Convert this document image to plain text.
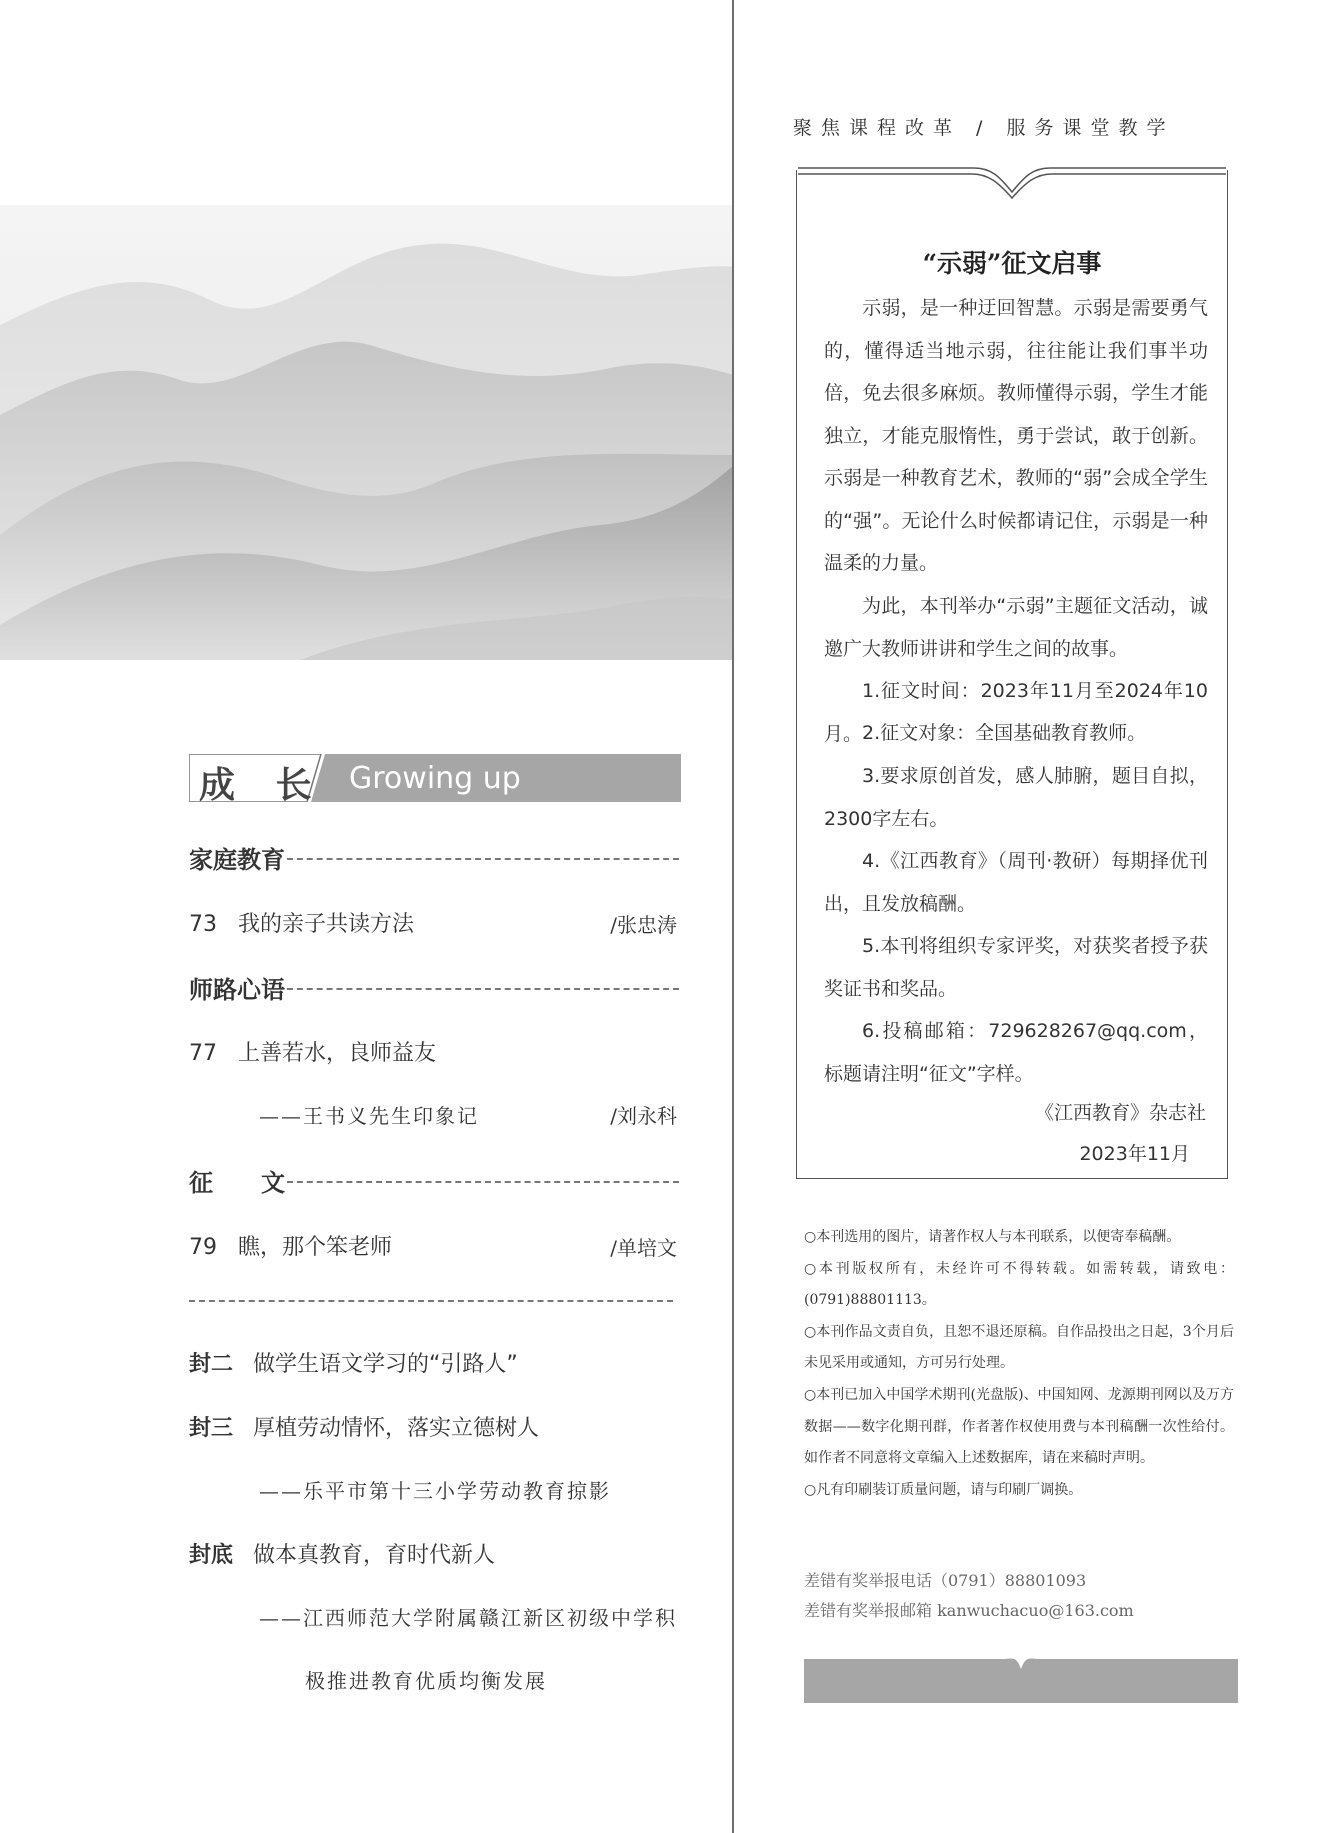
成 长 Growing up
家庭教育
73 我的亲子共读方法	/张忠涛
师路心语
77 上善若水，良师益友
——王书义先生印象记	/刘永科
征　　文
79 瞧，那个笨老师	/单培文
封二 做学生语文学习的“引路人”
封三 厚植劳动情怀，落实立德树人
——乐平市第十三小学劳动教育掠影
封底 做本真教育，育时代新人
——江西师范大学附属赣江新区初级中学积
极推进教育优质均衡发展
聚焦课程改革 / 服务课堂教学
“示弱”征文启事
示弱，是一种迂回智慧。示弱是需要勇气的，懂得适当地示弱，往往能让我们事半功倍，免去很多麻烦。教师懂得示弱，学生才能独立，才能克服惰性，勇于尝试，敢于创新。示弱是一种教育艺术，教师的“弱”会成全学生的“强”。无论什么时候都请记住，示弱是一种温柔的力量。
为此，本刊举办“示弱”主题征文活动，诚邀广大教师讲讲和学生之间的故事。
1.征文时间：2023年11月至2024年10月。 2.征文对象：全国基础教育教师。
3.要求原创首发，感人肺腑，题目自拟，2300字左右。
4.《江西教育》（周刊·教研）每期择优刊出，且发放稿酬。
5.本刊将组织专家评奖，对获奖者授予获奖证书和奖品。
6.投稿邮箱：729628267@qq.com，标题请注明“征文”字样。
《江西教育》杂志社
2023年11月
○本刊选用的图片，请著作权人与本刊联系，以便寄奉稿酬。
○本刊版权所有，未经许可不得转载。如需转载，请致电：(0791)88801113。
○本刊作品文责自负，且恕不退还原稿。自作品投出之日起，3个月后未见采用或通知，方可另行处理。
○本刊已加入中国学术期刊(光盘版)、中国知网、龙源期刊网以及万方数据——数字化期刊群，作者著作权使用费与本刊稿酬一次性给付。如作者不同意将文章编入上述数据库，请在来稿时声明。
○凡有印刷装订质量问题，请与印刷厂调换。
差错有奖举报电话（0791）88801093
差错有奖举报邮箱 kanwuchacuo@163.com
